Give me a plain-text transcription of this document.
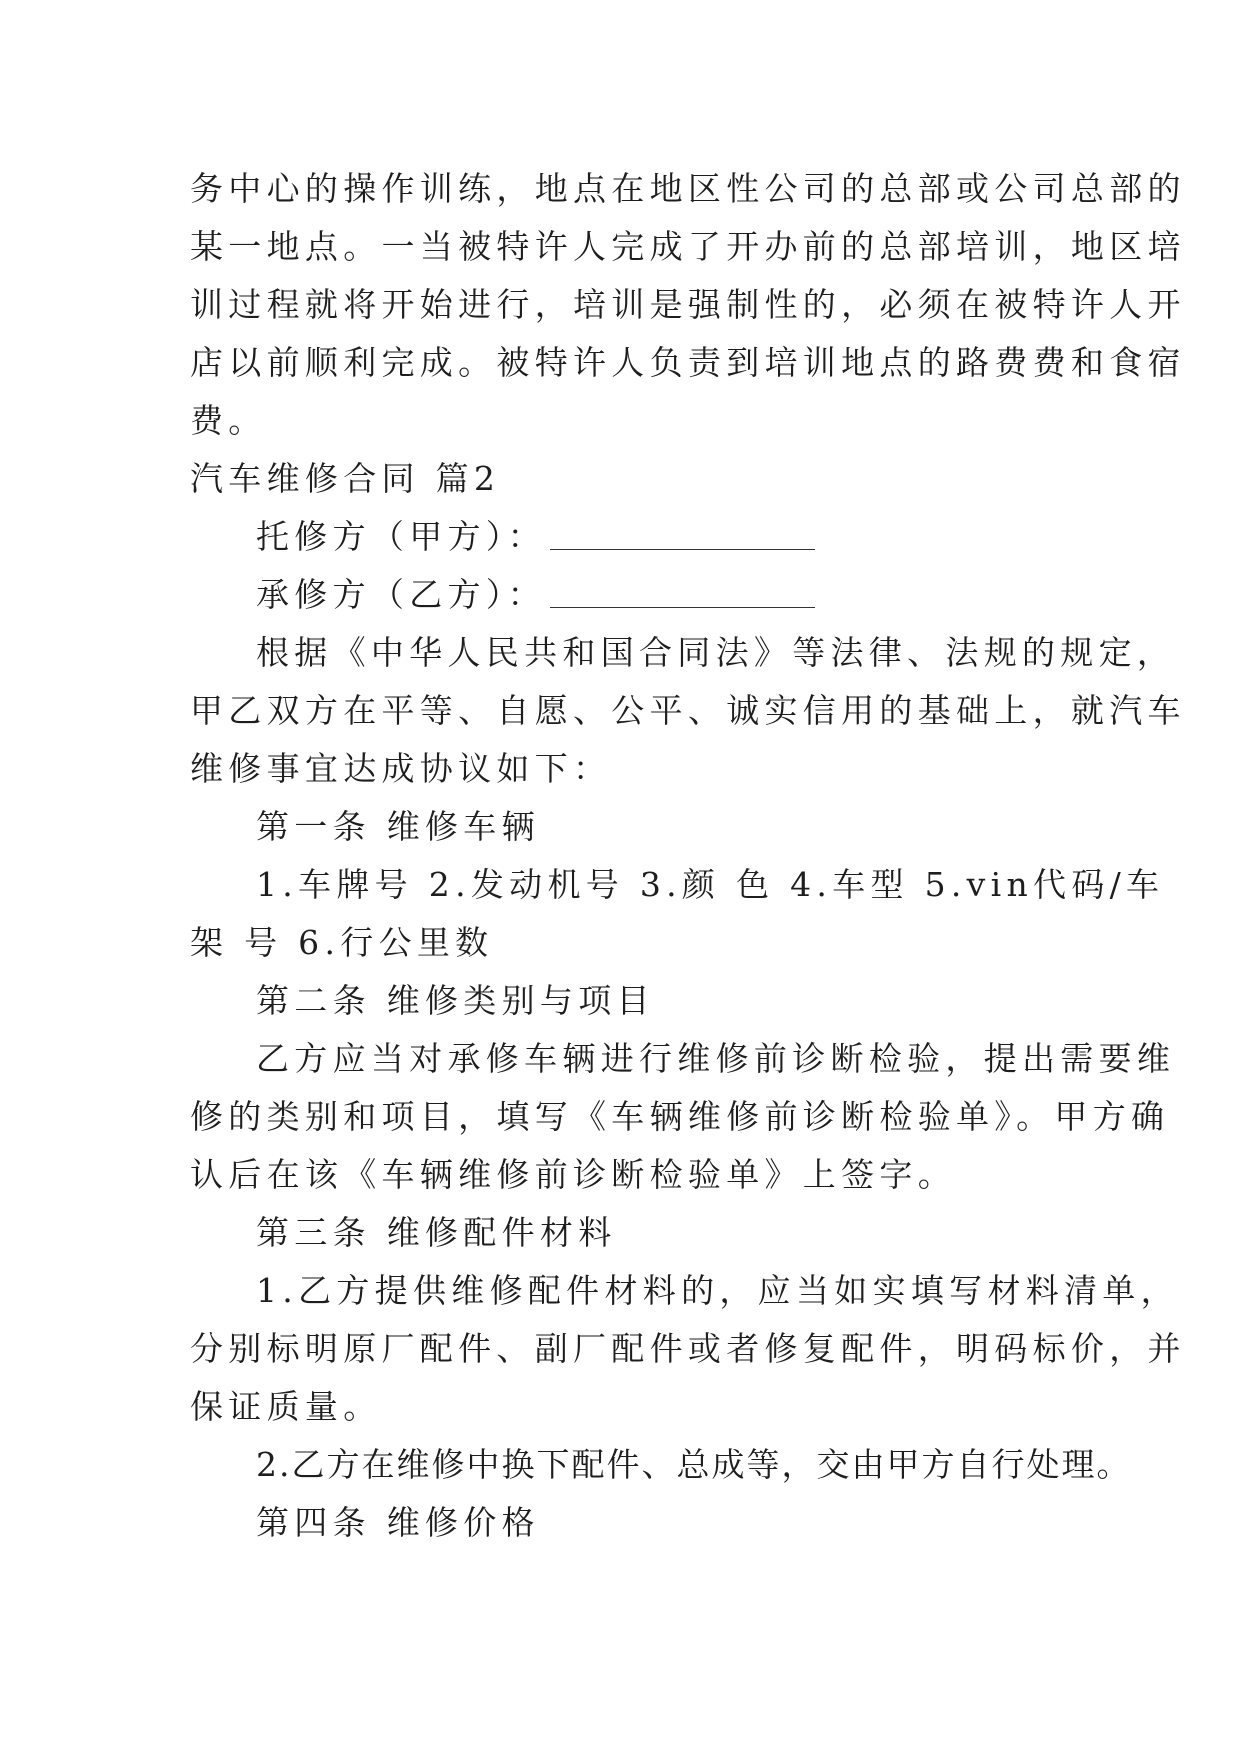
务中心的操作训练，地点在地区性公司的总部或公司总部的
某一地点。一当被特许人完成了开办前的总部培训，地区培
训过程就将开始进行，培训是强制性的，必须在被特许人开
店以前顺利完成。被特许人负责到培训地点的路费费和食宿
费。
汽车维修合同 篇2
托修方（甲方）：
承修方（乙方）：
根据《中华人民共和国合同法》等法律、法规的规定，
甲乙双方在平等、自愿、公平、诚实信用的基础上，就汽车
维修事宜达成协议如下：
第一条 维修车辆
1.车牌号 2.发动机号 3.颜 色 4.车型 5.vin代码/车
架 号 6.行公里数
第二条 维修类别与项目
乙方应当对承修车辆进行维修前诊断检验，提出需要维
修的类别和项目，填写《车辆维修前诊断检验单》。甲方确
认后在该《车辆维修前诊断检验单》上签字。
第三条 维修配件材料
1.乙方提供维修配件材料的，应当如实填写材料清单，
分别标明原厂配件、副厂配件或者修复配件，明码标价，并
保证质量。
2.乙方在维修中换下配件、总成等，交由甲方自行处理。
第四条 维修价格
